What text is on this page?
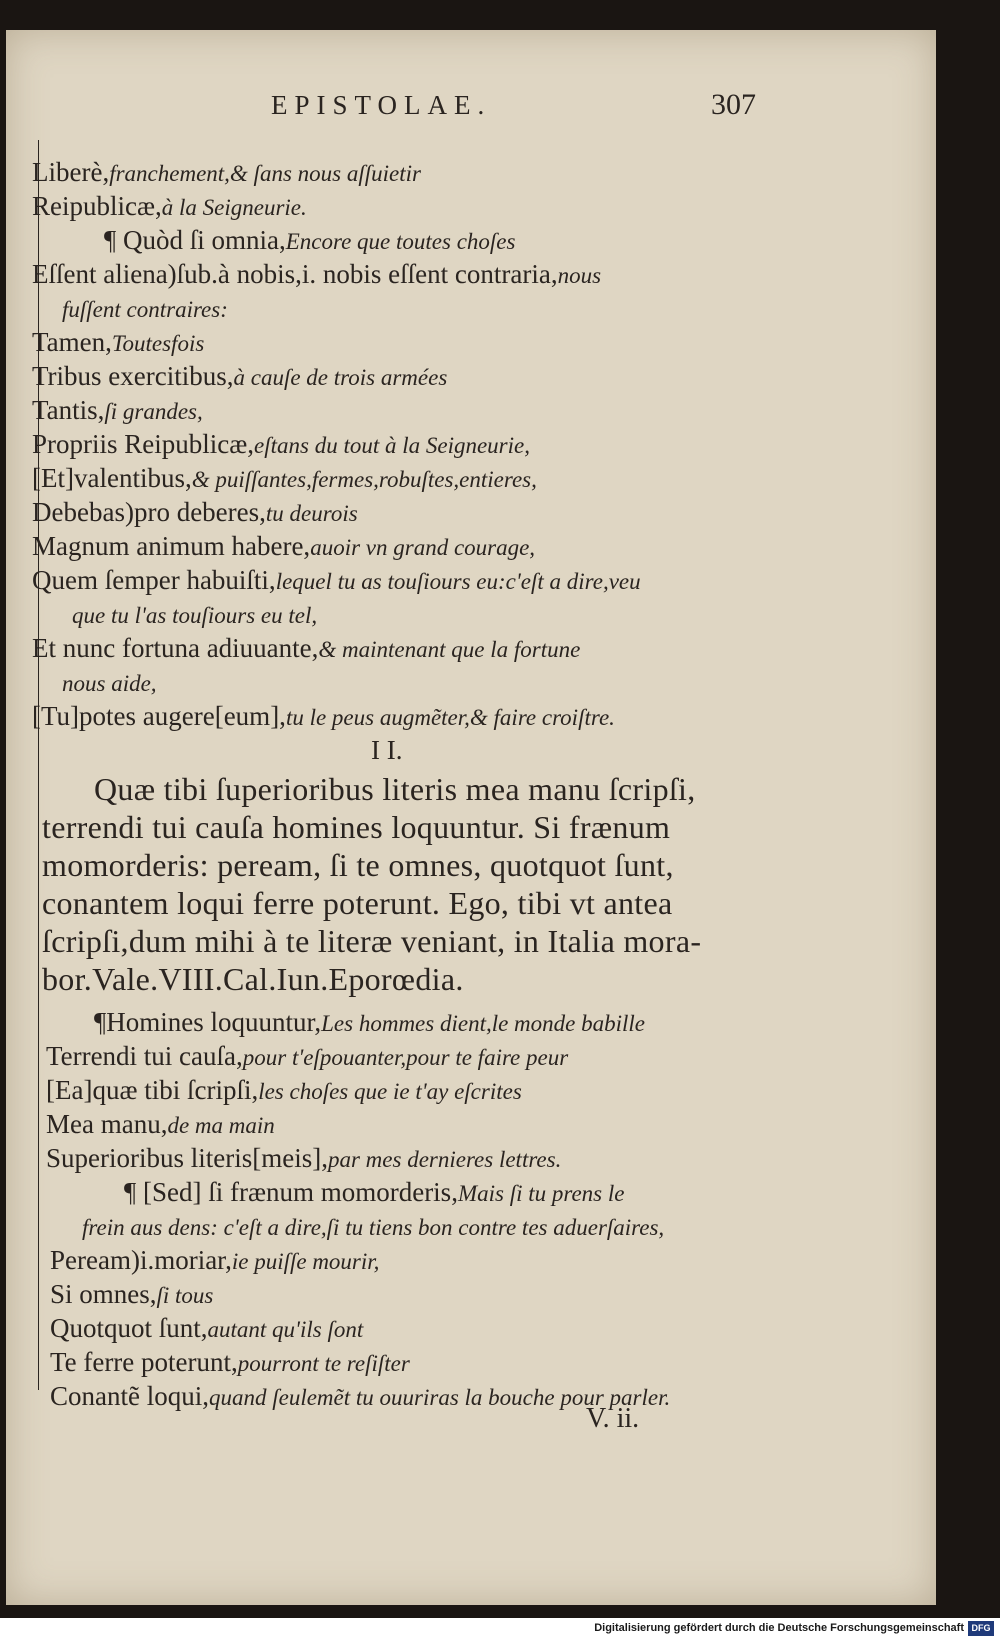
EPISTOLAE.	307
Liberè,franchement,& ſans nous aſſuietir
Reipublicæ,à la Seigneurie.
¶ Quòd ſi omnia,Encore que toutes choſes
Eſſent aliena)ſub.à nobis,i. nobis eſſent contraria,nous
fuſſent contraires:
Tamen,Toutesfois
Tribus exercitibus,à cauſe de trois armées
Tantis,ſi grandes,
Propriis Reipublicæ,eſtans du tout à la Seigneurie,
[Et]valentibus,& puiſſantes,fermes,robuſtes,entieres,
Debebas)pro deberes,tu deurois
Magnum animum habere,auoir vn grand courage,
Quem ſemper habuiſti,lequel tu as touſiours eu:c'eſt a dire,veu
que tu l'as touſiours eu tel,
Et nunc fortuna adiuuante,& maintenant que la fortune
nous aide,
[Tu]potes augere[eum],tu le peus augmẽter,& faire croiſtre.
I I.
Quæ tibi ſuperioribus literis mea manu ſcripſi,
terrendi tui cauſa homines loquuntur. Si frænum
momorderis: peream, ſi te omnes, quotquot ſunt,
conantem loqui ferre poterunt. Ego, tibi vt antea
ſcripſi,dum mihi à te literæ veniant, in Italia mora-
bor.Vale.VIII.Cal.Iun.Eporœdia.
¶Homines loquuntur,Les hommes dient,le monde babille
Terrendi tui cauſa,pour t'eſpouanter,pour te faire peur
[Ea]quæ tibi ſcripſi,les choſes que ie t'ay eſcrites
Mea manu,de ma main
Superioribus literis[meis],par mes dernieres lettres.
¶ [Sed] ſi frænum momorderis,Mais ſi tu prens le
frein aus dens: c'eſt a dire,ſi tu tiens bon contre tes aduerſaires,
Peream)i.moriar,ie puiſſe mourir,
Si omnes,ſi tous
Quotquot ſunt,autant qu'ils ſont
Te ferre poterunt,pourront te reſiſter
Conantẽ loqui,quand ſeulemẽt tu ouuriras la bouche pour parler.
V. ii.
Digitalisierung gefördert durch die Deutsche Forschungsgemeinschaft DFG
